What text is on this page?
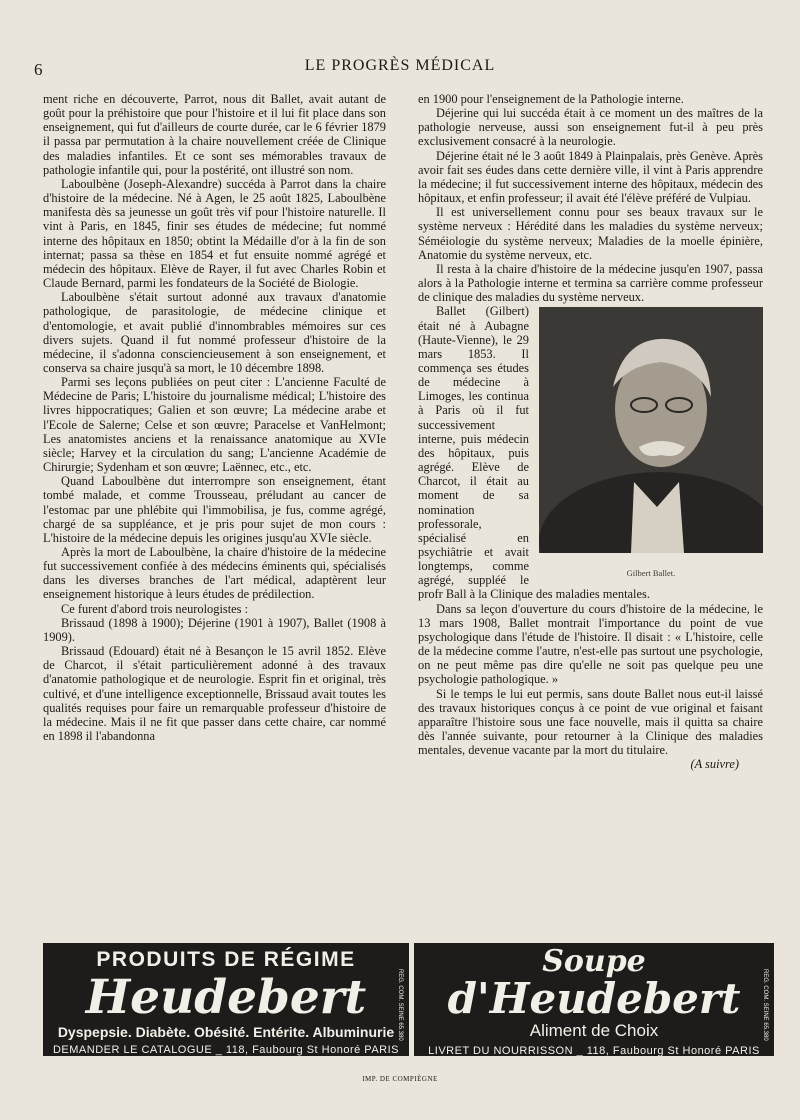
6	LE PROGRÈS MÉDICAL

ment riche en découverte, Parrot, nous dit Ballet, avait autant de goût pour la préhistoire que pour l'histoire et il lui fit place dans son enseignement, qui fut d'ailleurs de courte durée, car le 6 février 1879 il passa par permutation à la chaire nouvellement créée de Clinique des maladies infantiles. Et ce sont ses mémorables travaux de pathologie infantile qui, pour la postérité, ont illustré son nom.

Laboulbène (Joseph-Alexandre) succéda à Parrot dans la chaire d'histoire de la médecine. Né à Agen, le 25 août 1825, Laboulbène manifesta dès sa jeunesse un goût très vif pour l'histoire naturelle. Il vint à Paris, en 1845, finir ses études de médecine; fut nommé interne des hôpitaux en 1850; obtint la Médaille d'or à la fin de son internat; passa sa thèse en 1854 et fut ensuite nommé agrégé et médecin des hôpitaux. Elève de Rayer, il fut avec Charles Robin et Claude Bernard, parmi les fondateurs de la Société de Biologie.

Laboulbène s'était surtout adonné aux travaux d'anatomie pathologique, de parasitologie, de médecine clinique et d'entomologie, et avait publié d'innombrables mémoires sur ces divers sujets. Quand il fut nommé professeur d'histoire de la médecine, il s'adonna consciencieusement à son enseignement, et conserva sa chaire jusqu'à sa mort, le 10 décembre 1898.

Parmi ses leçons publiées on peut citer : L'ancienne Faculté de Médecine de Paris; L'histoire du journalisme médical; L'histoire des livres hippocratiques; Galien et son œuvre; La médecine arabe et l'Ecole de Salerne; Celse et son œuvre; Paracelse et VanHelmont; Les anatomistes anciens et la renaissance anatomique au XVIe siècle; Harvey et la circulation du sang; L'ancienne Académie de Chirurgie; Sydenham et son œuvre; Laënnec, etc., etc.

Quand Laboulbène dut interrompre son enseignement, étant tombé malade, et comme Trousseau, préludant au cancer de l'estomac par une phlébite qui l'immobilisa, je fus, comme agrégé, chargé de sa suppléance, et je pris pour sujet de mon cours : L'histoire de la médecine depuis les origines jusqu'au XVIe siècle.

Après la mort de Laboulbène, la chaire d'histoire de la médecine fut successivement confiée à des médecins éminents qui, spécialisés dans les diverses branches de l'art médical, adaptèrent leur enseignement historique à leurs études de prédilection.

Ce furent d'abord trois neurologistes :

Brissaud (1898 à 1900); Déjerine (1901 à 1907), Ballet (1908 à 1909).

Brissaud (Edouard) était né à Besançon le 15 avril 1852. Elève de Charcot, il s'était particulièrement adonné à des travaux d'anatomie pathologique et de neurologie. Esprit fin et original, très cultivé, et d'une intelligence exceptionnelle, Brissaud avait toutes les qualités requises pour faire un remarquable professeur d'histoire de la médecine. Mais il ne fit que passer dans cette chaire, car nommé en 1898 il l'abandonna

en 1900 pour l'enseignement de la Pathologie interne.

Déjerine qui lui succéda était à ce moment un des maîtres de la pathologie nerveuse, aussi son enseignement fut-il à peu près exclusivement consacré à la neurologie.

Déjerine était né le 3 août 1849 à Plainpalais, près Genève. Après avoir fait ses éudes dans cette dernière ville, il vint à Paris apprendre la médecine; il fut successivement interne des hôpitaux, médecin des hôpitaux, et enfin professeur; il avait été l'élève préféré de Vulpiau.

Il est universellement connu pour ses beaux travaux sur le système nerveux : Hérédité dans les maladies du système nerveux; Séméiologie du système nerveux; Maladies de la moelle épinière, Anatomie du système nerveux, etc.

Il resta à la chaire d'histoire de la médecine jusqu'en 1907, passa alors à la Pathologie interne et termina sa carrière comme professeur de clinique des maladies du système nerveux.

Gilbert Ballet.

Ballet (Gilbert) était né à Aubagne (Haute-Vienne), le 29 mars 1853. Il commença ses études de médecine à Limoges, les continua à Paris où il fut successivement interne, puis médecin des hôpitaux, puis agrégé. Elève de Charcot, il était au moment de sa nomination professorale, spécialisé en psychiâtrie et avait longtemps, comme agrégé, suppléé le profr Ball à la Clinique des maladies mentales.

Dans sa leçon d'ouverture du cours d'histoire de la médecine, le 13 mars 1908, Ballet montrait l'importance du point de vue psychologique dans l'étude de l'histoire. Il disait : « L'histoire, celle de la médecine comme l'autre, n'est-elle pas surtout une psychologie, on ne peut même pas dire qu'elle ne soit pas quelque peu une psychologie pathologique. »

Si le temps le lui eut permis, sans doute Ballet nous eut-il laissé des travaux historiques conçus à ce point de vue original et faisant apparaître l'histoire sous une face nouvelle, mais il quitta sa chaire dès l'année suivante, pour retourner à la Clinique des maladies mentales, devenue vacante par la mort du titulaire.

(A suivre)

PRODUITS DE RÉGIME
Heudebert
Dyspepsie. Diabète. Obésité. Entérite. Albuminurie
DEMANDER LE CATALOGUE _ 118, Faubourg St Honoré PARIS
REG. COM. SEINE 65.380
Soupe
d'Heudebert
Aliment de Choix
LIVRET DU NOURRISSON _ 118, Faubourg St Honoré PARIS
REG. COM. SEINE 65.380
IMP. DE COMPIÈGNE
